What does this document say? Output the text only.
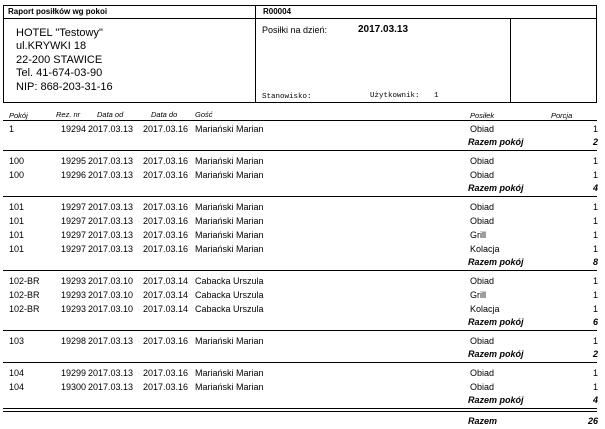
Raport posiłków wg pokoi	R00004
HOTEL "Testowy"
ul.KRYWKI 18
22-200 STAWICE
Tel. 41-674-03-90
NIP: 868-203-31-16
Posiłki na dzień:	2017.03.13
Stanowisko:	Użytkownik: 1
Pokój	Rez. nr Data od	Data do Gość	Posiłek	Porcja
1	19294 2017.03.13 2017.03.16 Mariański Marian	Obiad	1
Razem pokój	2
100	19295 2017.03.13 2017.03.16 Mariański Marian	Obiad	1
100	19296 2017.03.13 2017.03.16 Mariański Marian	Obiad	1
Razem pokój	4
101	19297 2017.03.13 2017.03.16 Mariański Marian	Obiad	1
101	19297 2017.03.13 2017.03.16 Mariański Marian	Obiad	1
101	19297 2017.03.13 2017.03.16 Mariański Marian	Grill	1
101	19297 2017.03.13 2017.03.16 Mariański Marian	Kolacja	1
Razem pokój	8
102-BR	19293 2017.03.10 2017.03.14 Cabacka Urszula	Obiad	1
102-BR	19293 2017.03.10 2017.03.14 Cabacka Urszula	Grill	1
102-BR	19293 2017.03.10 2017.03.14 Cabacka Urszula	Kolacja	1
Razem pokój	6
103	19298 2017.03.13 2017.03.16 Mariański Marian	Obiad	1
Razem pokój	2
104	19299 2017.03.13 2017.03.16 Mariański Marian	Obiad	1
104	19300 2017.03.13 2017.03.16 Mariański Marian	Obiad	1
Razem pokój	4
Razem	26
